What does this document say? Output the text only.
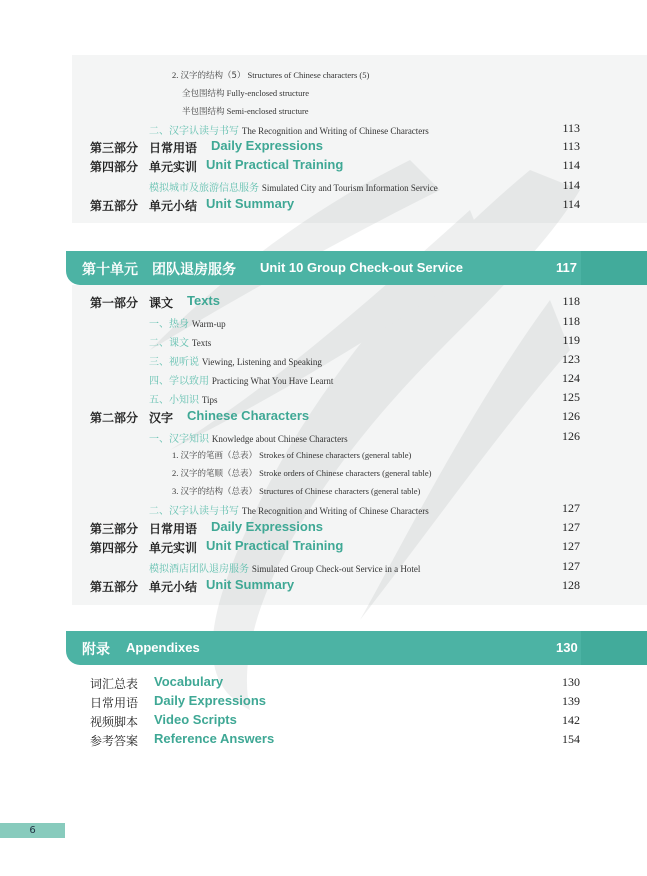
2. 汉字的结构（5） Structures of Chinese characters (5)
全包围结构 Fully-enclosed structure
半包围结构 Semi-enclosed structure
二、汉字认读与书写 The Recognition and Writing of Chinese Characters	113
第三部分 日常用语 Daily Expressions	113
第四部分 单元实训 Unit Practical Training	114
模拟城市及旅游信息服务 Simulated City and Tourism Information Service	114
第五部分 单元小结 Unit Summary	114
第十单元　团队退房服务 Unit 10 Group Check-out Service	117
第一部分 课文 Texts	118
一、热身 Warm-up	118
二、课文 Texts	119
三、视听说 Viewing, Listening and Speaking	123
四、学以致用 Practicing What You Have Learnt	124
五、小知识 Tips	125
第二部分 汉字 Chinese Characters	126
一、汉字知识 Knowledge about Chinese Characters	126
1. 汉字的笔画（总表） Strokes of Chinese characters (general table)
2. 汉字的笔顺（总表） Stroke orders of Chinese characters (general table)
3. 汉字的结构（总表） Structures of Chinese characters (general table)
二、汉字认读与书写 The Recognition and Writing of Chinese Characters	127
第三部分 日常用语 Daily Expressions	127
第四部分 单元实训 Unit Practical Training	127
模拟酒店团队退房服务 Simulated Group Check-out Service in a Hotel	127
第五部分 单元小结 Unit Summary	128
附录 Appendixes	130
词汇总表 Vocabulary	130
日常用语 Daily Expressions	139
视频脚本 Video Scripts	142
参考答案 Reference Answers	154
6
